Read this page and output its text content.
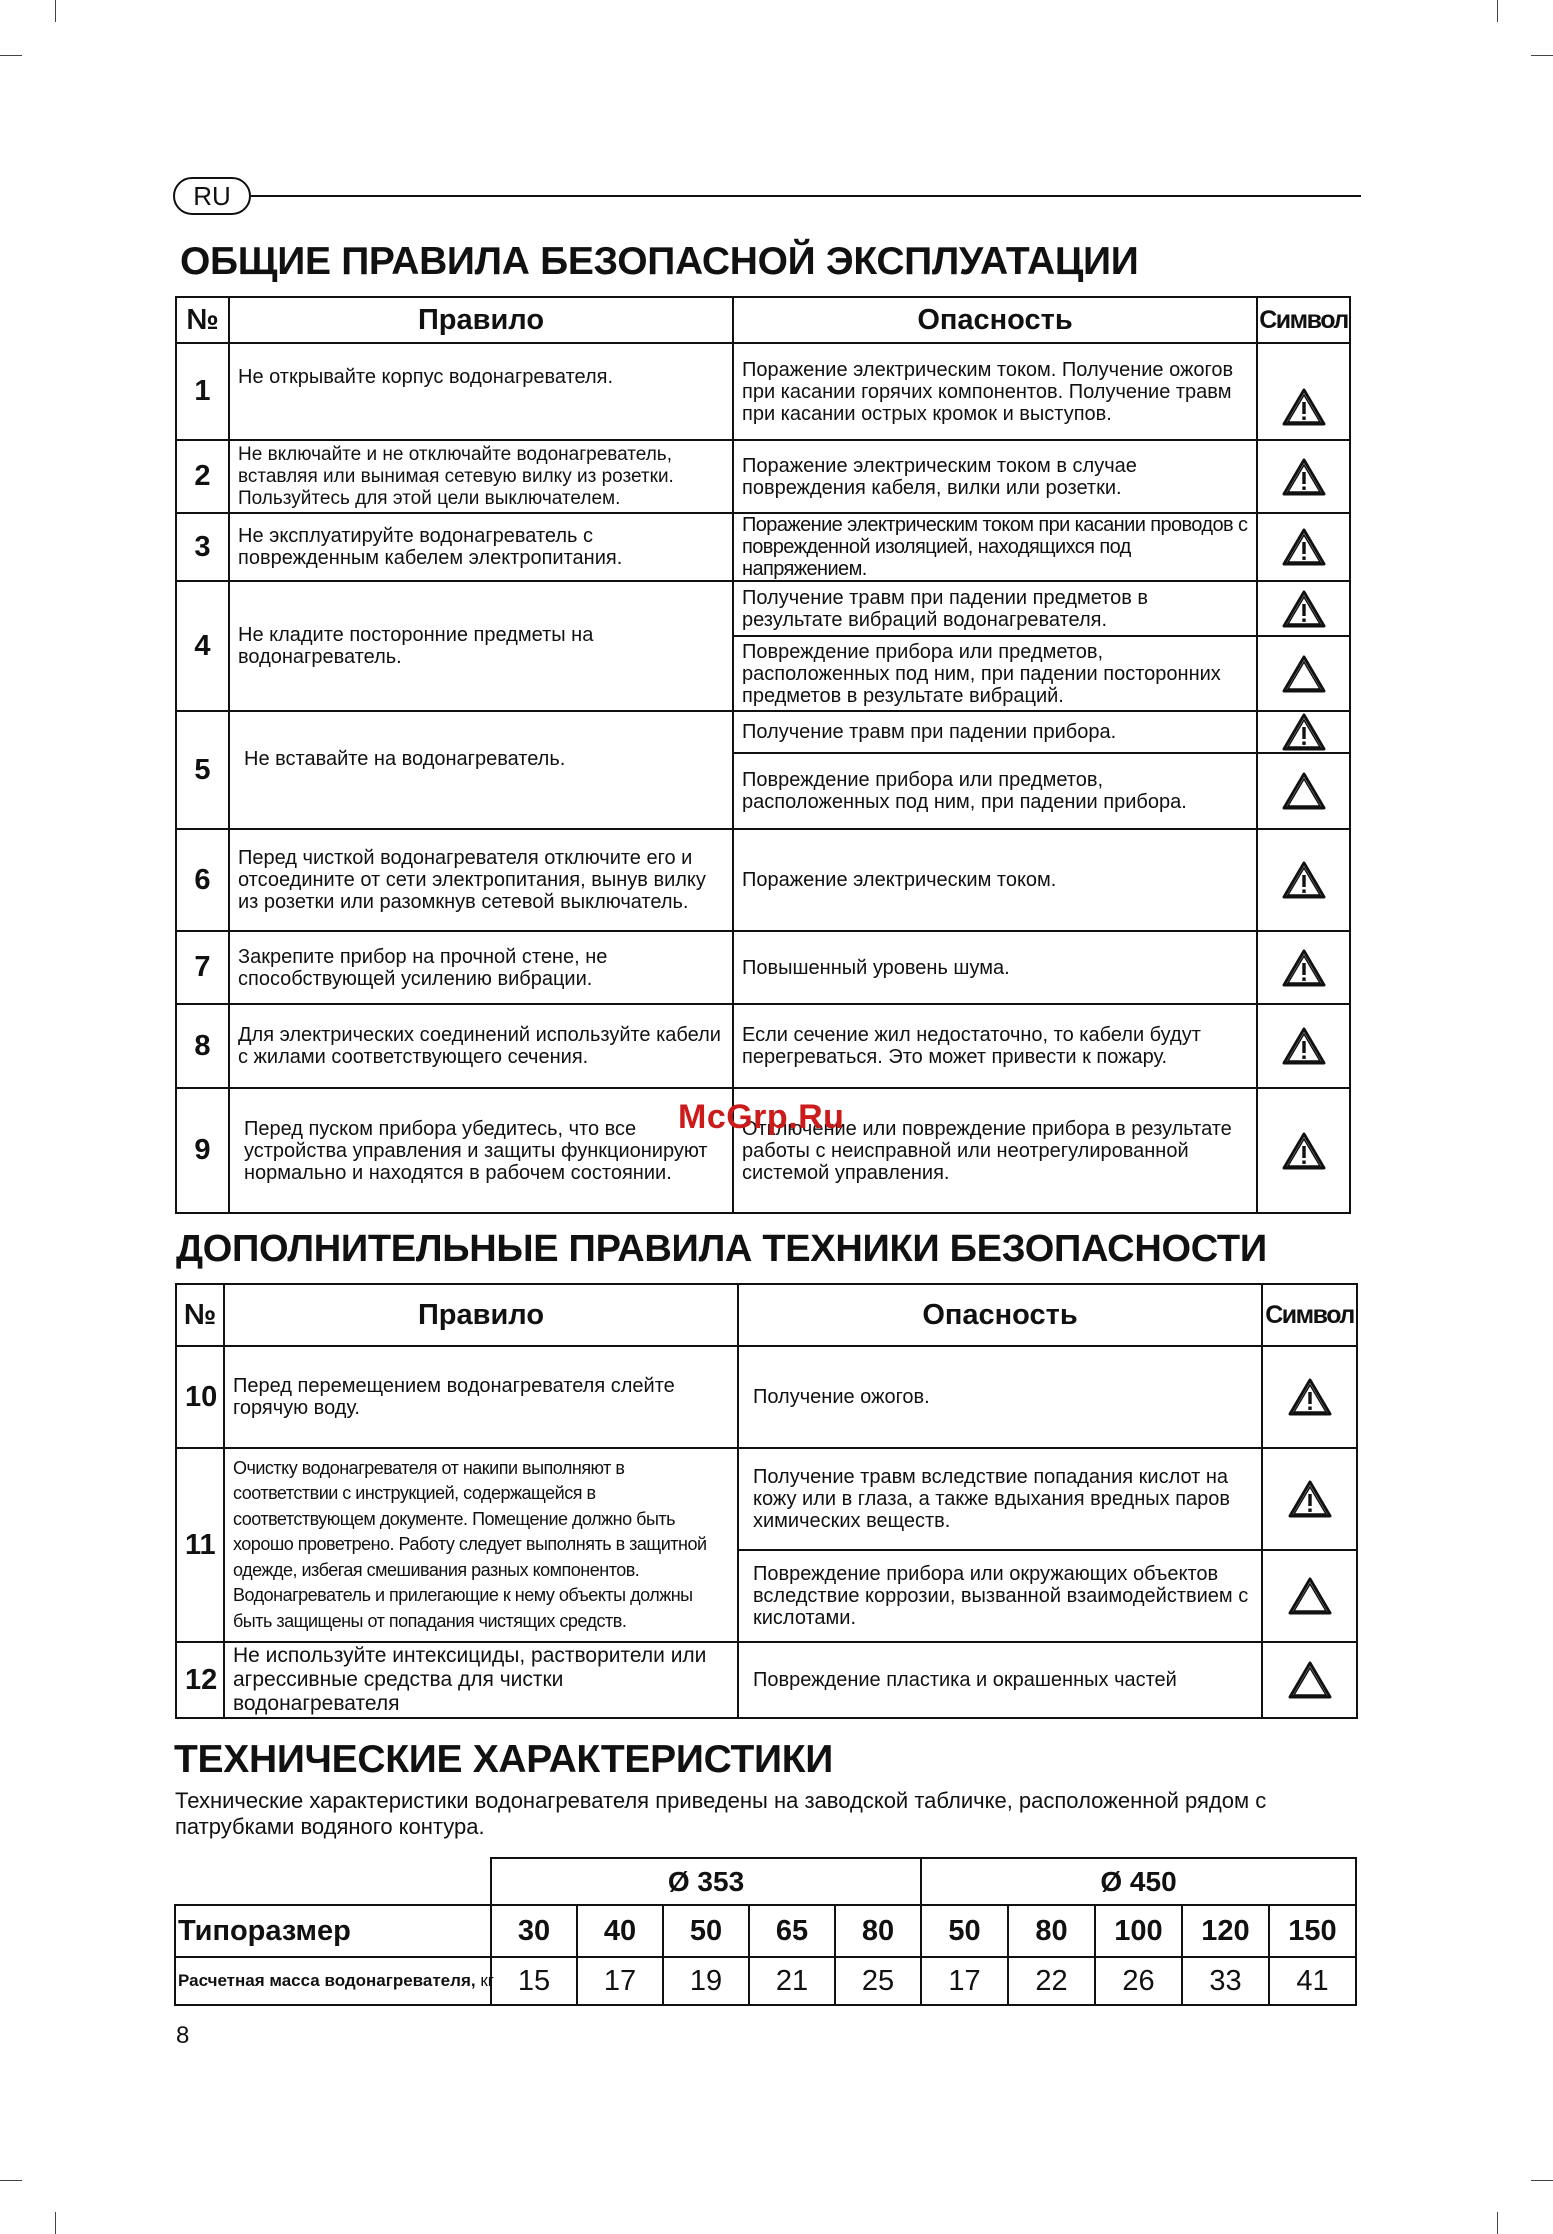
RU
ОБЩИЕ ПРАВИЛА БЕЗОПАСНОЙ ЭКСПЛУАТАЦИИ
№	Правило	Опасность	Символ
1	Не открывайте корпус водонагревателя.	Поражение электрическим током. Получение ожогов при касании горячих компонентов. Получение травм при касании острых кромок и выступов.	
2	Не включайте и не отключайте водонагреватель, вставляя или вынимая сетевую вилку из розетки. Пользуйтесь для этой цели выключателем.	Поражение электрическим током в случае повреждения кабеля, вилки или розетки.	
3	Не эксплуатируйте водонагреватель с поврежденным кабелем электропитания.	Поражение электрическим током при касании проводов с поврежденной изоляцией, находящихся под напряжением.	
4	Не кладите посторонние предметы на водонагреватель.	Получение травм при падении предметов в результате вибраций водонагревателя.	
		Повреждение прибора или предметов, расположенных под ним, при падении посторонних предметов в результате вибраций.	
5	Не вставайте на водонагреватель.	Получение травм при падении прибора.	
		Повреждение прибора или предметов, расположенных под ним, при падении прибора.	
6	Перед чисткой водонагревателя отключите его и отсоедините от сети электропитания, вынув вилку из розетки или разомкнув сетевой выключатель.	Поражение электрическим током.	
7	Закрепите прибор на прочной стене, не способствующей усилению вибрации.	Повышенный уровень шума.	
8	Для электрических соединений используйте кабели с жилами соответствующего сечения.	Если сечение жил недостаточно, то кабели будут перегреваться. Это может привести к пожару.	
9	Перед пуском прибора убедитесь, что все устройства управления и защиты функционируют нормально и находятся в рабочем состоянии.	Отключение или повреждение прибора в результате работы с неисправной или неотрегулированной системой управления.	
ДОПОЛНИТЕЛЬНЫЕ ПРАВИЛА ТЕХНИКИ БЕЗОПАСНОСТИ
№	Правило	Опасность	Символ
10	Перед перемещением водонагревателя слейте горячую воду.	Получение ожогов.	
11	Очистку водонагревателя от накипи выполняют в соответствии с инструкцией, содержащейся в соответствующем документе. Помещение должно быть хорошо проветрено. Работу следует выполнять в защитной одежде, избегая смешивания разных компонентов. Водонагреватель и прилегающие к нему объекты должны быть защищены от попадания чистящих средств.	Получение травм вследствие попадания кислот на кожу или в глаза, а также вдыхания вредных паров химических веществ.	
		Повреждение прибора или окружающих объектов вследствие коррозии, вызванной взаимодействием с кислотами.	
12	Не используйте интексициды, растворители или агрессивные средства для чистки водонагревателя	Повреждение пластика и окрашенных частей	
ТЕХНИЧЕСКИЕ ХАРАКТЕРИСТИКИ
Технические характеристики водонагревателя приведены на заводской табличке, расположенной рядом с патрубками водяного контура.
	Ø 353					Ø 450				
Типоразмер	30	40	50	65	80	50	80	100	120	150
Расчетная масса водонагревателя, кг	15	17	19	21	25	17	22	26	33	41
McGrp.Ru
8
